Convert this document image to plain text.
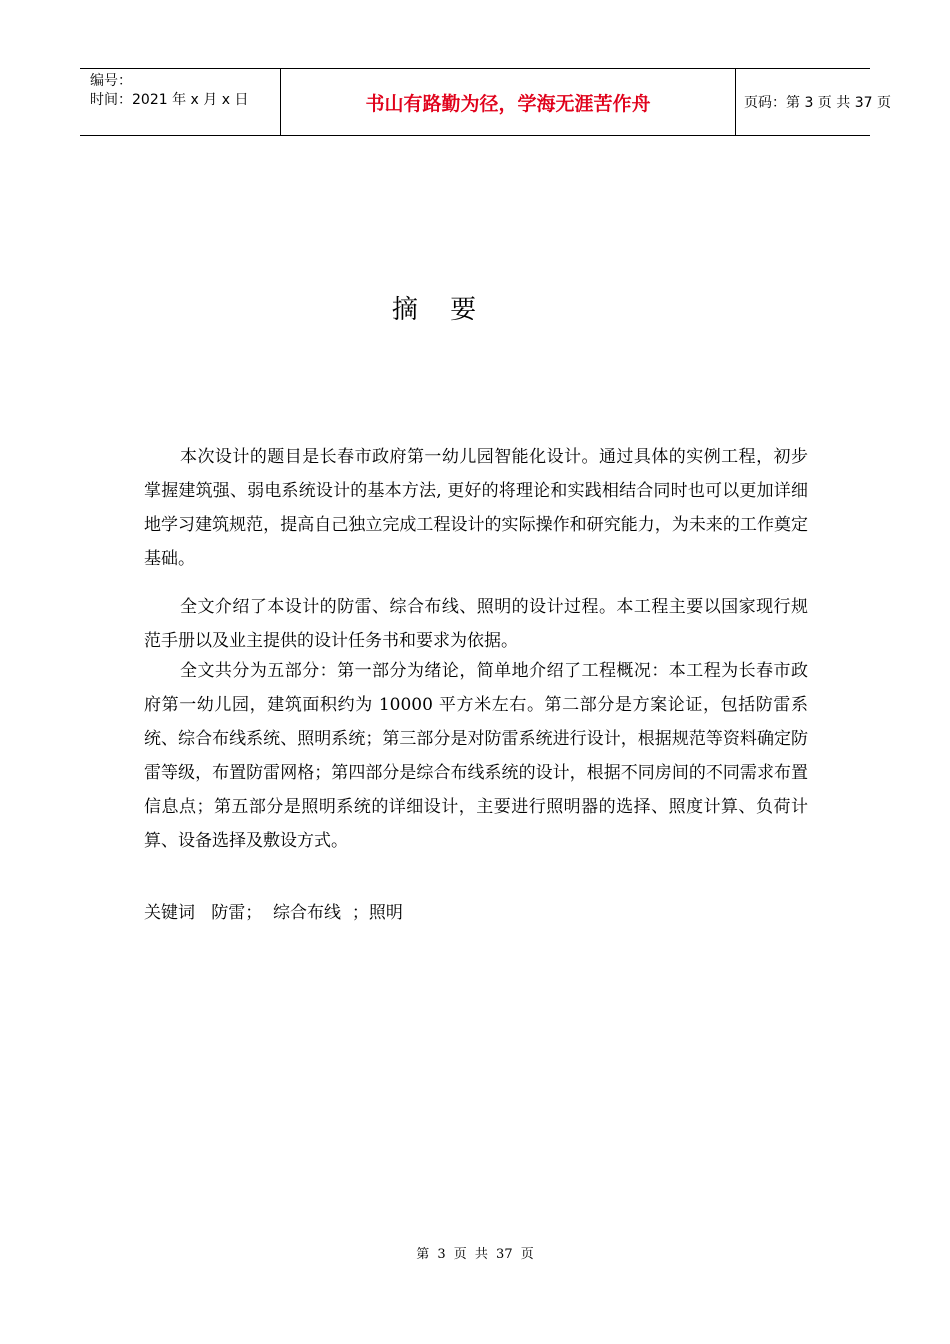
编号：
时间：2021 年 x 月 x 日	书山有路勤为径，学海无涯苦作舟	页码：第 3 页 共 37 页
摘 要

本次设计的题目是长春市政府第一幼儿园智能化设计。通过具体的实例工程，初步掌握建筑强、弱电系统设计的基本方法, 更好的将理论和实践相结合同时也可以更加详细地学习建筑规范，提高自己独立完成工程设计的实际操作和研究能力，为未来的工作奠定基础。

全文介绍了本设计的防雷、综合布线、照明的设计过程。本工程主要以国家现行规范手册以及业主提供的设计任务书和要求为依据。

全文共分为五部分：第一部分为绪论，简单地介绍了工程概况：本工程为长春市政府第一幼儿园，建筑面积约为 10000 平方米左右。第二部分是方案论证，包括防雷系统、综合布线系统、照明系统；第三部分是对防雷系统进行设计，根据规范等资料确定防雷等级，布置防雷网格；第四部分是综合布线系统的设计，根据不同房间的不同需求布置信息点；第五部分是照明系统的详细设计，主要进行照明器的选择、照度计算、负荷计算、设备选择及敷设方式。

关键词   防雷；  综合布线  ；照明
第 3 页 共 37 页
